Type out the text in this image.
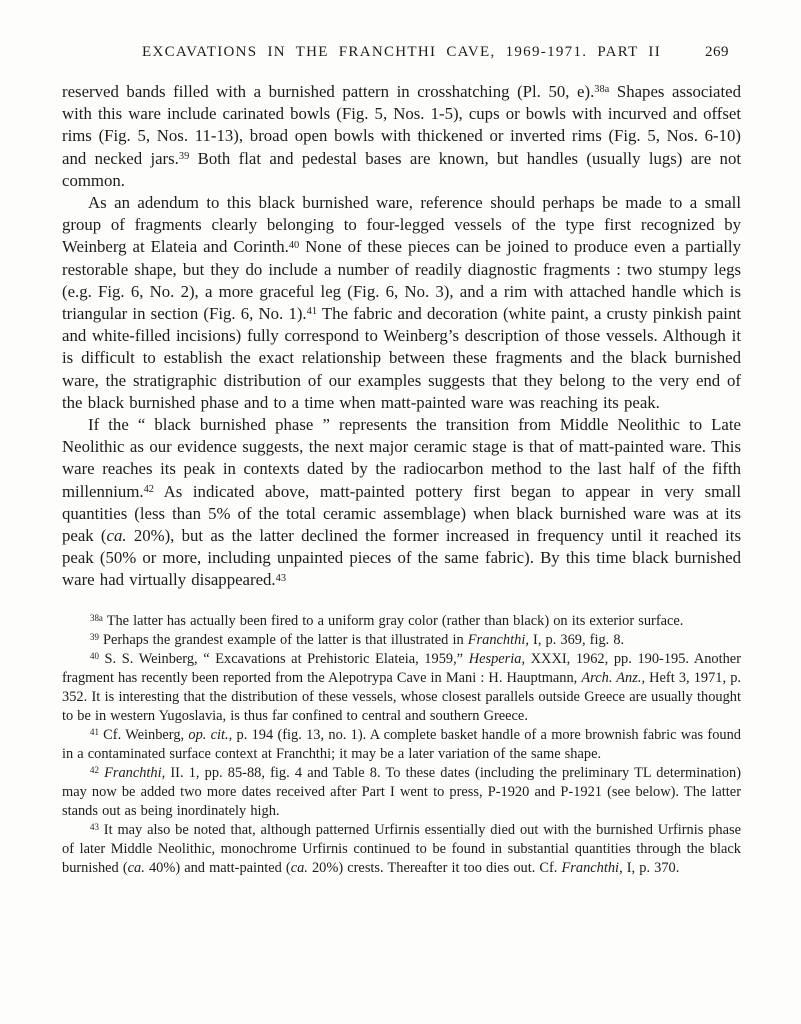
EXCAVATIONS IN THE FRANCHTHI CAVE, 1969-1971. PART II	269

reserved bands filled with a burnished pattern in crosshatching (Pl. 50, e).$^{38a}$ Shapes associated with this ware include carinated bowls (Fig. 5, Nos. 1-5), cups or bowls with incurved and offset rims (Fig. 5, Nos. 11-13), broad open bowls with thickened or inverted rims (Fig. 5, Nos. 6-10) and necked jars.$^{39}$ Both flat and pedestal bases are known, but handles (usually lugs) are not common.

As an adendum to this black burnished ware, reference should perhaps be made to a small group of fragments clearly belonging to four-legged vessels of the type first recognized by Weinberg at Elateia and Corinth.$^{40}$ None of these pieces can be joined to produce even a partially restorable shape, but they do include a number of readily diagnostic fragments : two stumpy legs (e.g. Fig. 6, No. 2), a more graceful leg (Fig. 6, No. 3), and a rim with attached handle which is triangular in section (Fig. 6, No. 1).$^{41}$ The fabric and decoration (white paint, a crusty pinkish paint and white-filled incisions) fully correspond to Weinberg’s description of those vessels. Although it is difficult to establish the exact relationship between these fragments and the black burnished ware, the stratigraphic distribution of our examples suggests that they belong to the very end of the black burnished phase and to a time when matt-painted ware was reaching its peak.

If the “ black burnished phase ” represents the transition from Middle Neolithic to Late Neolithic as our evidence suggests, the next major ceramic stage is that of matt-painted ware. This ware reaches its peak in contexts dated by the radiocarbon method to the last half of the fifth millennium.$^{42}$ As indicated above, matt-painted pottery first began to appear in very small quantities (less than 5% of the total ceramic assemblage) when black burnished ware was at its peak (ca. 20%), but as the latter declined the former increased in frequency until it reached its peak (50% or more, including unpainted pieces of the same fabric). By this time black burnished ware had virtually disappeared.$^{43}$

$^{38a}$ The latter has actually been fired to a uniform gray color (rather than black) on its exterior surface.

$^{39}$ Perhaps the grandest example of the latter is that illustrated in Franchthi, I, p. 369, fig. 8.

$^{40}$ S. S. Weinberg, “ Excavations at Prehistoric Elateia, 1959,” Hesperia, XXXI, 1962, pp. 190-195. Another fragment has recently been reported from the Alepotrypa Cave in Mani : H. Hauptmann, Arch. Anz., Heft 3, 1971, p. 352. It is interesting that the distribution of these vessels, whose closest parallels outside Greece are usually thought to be in western Yugoslavia, is thus far confined to central and southern Greece.

$^{41}$ Cf. Weinberg, op. cit., p. 194 (fig. 13, no. 1). A complete basket handle of a more brownish fabric was found in a contaminated surface context at Franchthi; it may be a later variation of the same shape.

$^{42}$ Franchthi, II. 1, pp. 85-88, fig. 4 and Table 8. To these dates (including the preliminary TL determination) may now be added two more dates received after Part I went to press, P-1920 and P-1921 (see below). The latter stands out as being inordinately high.

$^{43}$ It may also be noted that, although patterned Urfirnis essentially died out with the burnished Urfirnis phase of later Middle Neolithic, monochrome Urfirnis continued to be found in substantial quantities through the black burnished (ca. 40%) and matt-painted (ca. 20%) crests. Thereafter it too dies out. Cf. Franchthi, I, p. 370.
